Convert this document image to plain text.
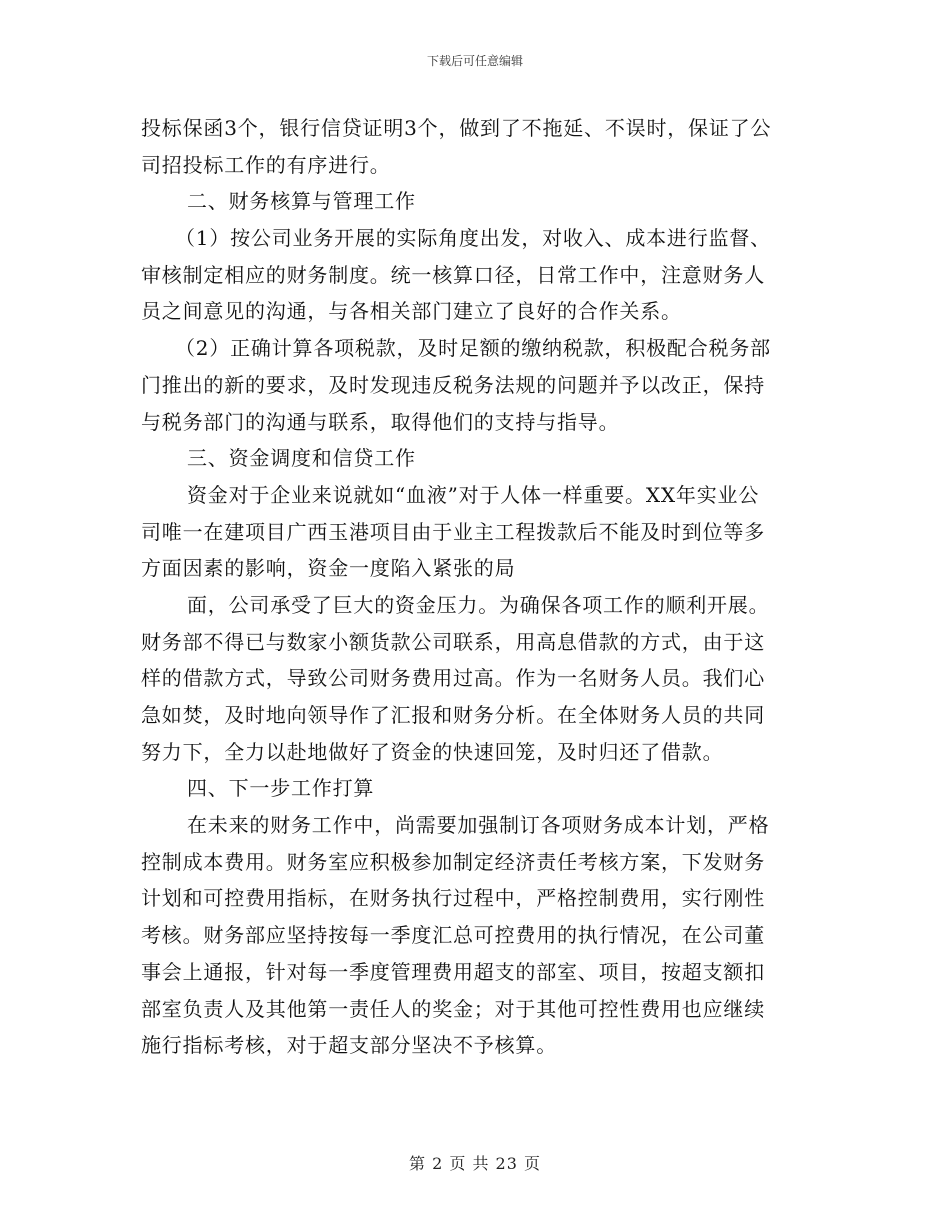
下载后可任意编辑
投标保函3个，银行信贷证明3个，做到了不拖延、不误时，保证了公
司招投标工作的有序进行。
二、财务核算与管理工作
（1）按公司业务开展的实际角度出发，对收入、成本进行监督、
审核制定相应的财务制度。统一核算口径，日常工作中，注意财务人
员之间意见的沟通，与各相关部门建立了良好的合作关系。
（2）正确计算各项税款，及时足额的缴纳税款，积极配合税务部
门推出的新的要求，及时发现违反税务法规的问题并予以改正，保持
与税务部门的沟通与联系，取得他们的支持与指导。
三、资金调度和信贷工作
资金对于企业来说就如“血液”对于人体一样重要。XX年实业公
司唯一在建项目广西玉港项目由于业主工程拨款后不能及时到位等多
方面因素的影响，资金一度陷入紧张的局
面，公司承受了巨大的资金压力。为确保各项工作的顺利开展。
财务部不得已与数家小额货款公司联系，用高息借款的方式，由于这
样的借款方式，导致公司财务费用过高。作为一名财务人员。我们心
急如焚，及时地向领导作了汇报和财务分析。在全体财务人员的共同
努力下，全力以赴地做好了资金的快速回笼，及时归还了借款。
四、下一步工作打算
在未来的财务工作中，尚需要加强制订各项财务成本计划，严格
控制成本费用。财务室应积极参加制定经济责任考核方案，下发财务
计划和可控费用指标，在财务执行过程中，严格控制费用，实行刚性
考核。财务部应坚持按每一季度汇总可控费用的执行情况，在公司董
事会上通报，针对每一季度管理费用超支的部室、项目，按超支额扣
部室负责人及其他第一责任人的奖金；对于其他可控性费用也应继续
施行指标考核，对于超支部分坚决不予核算。
第 2 页 共 23 页
